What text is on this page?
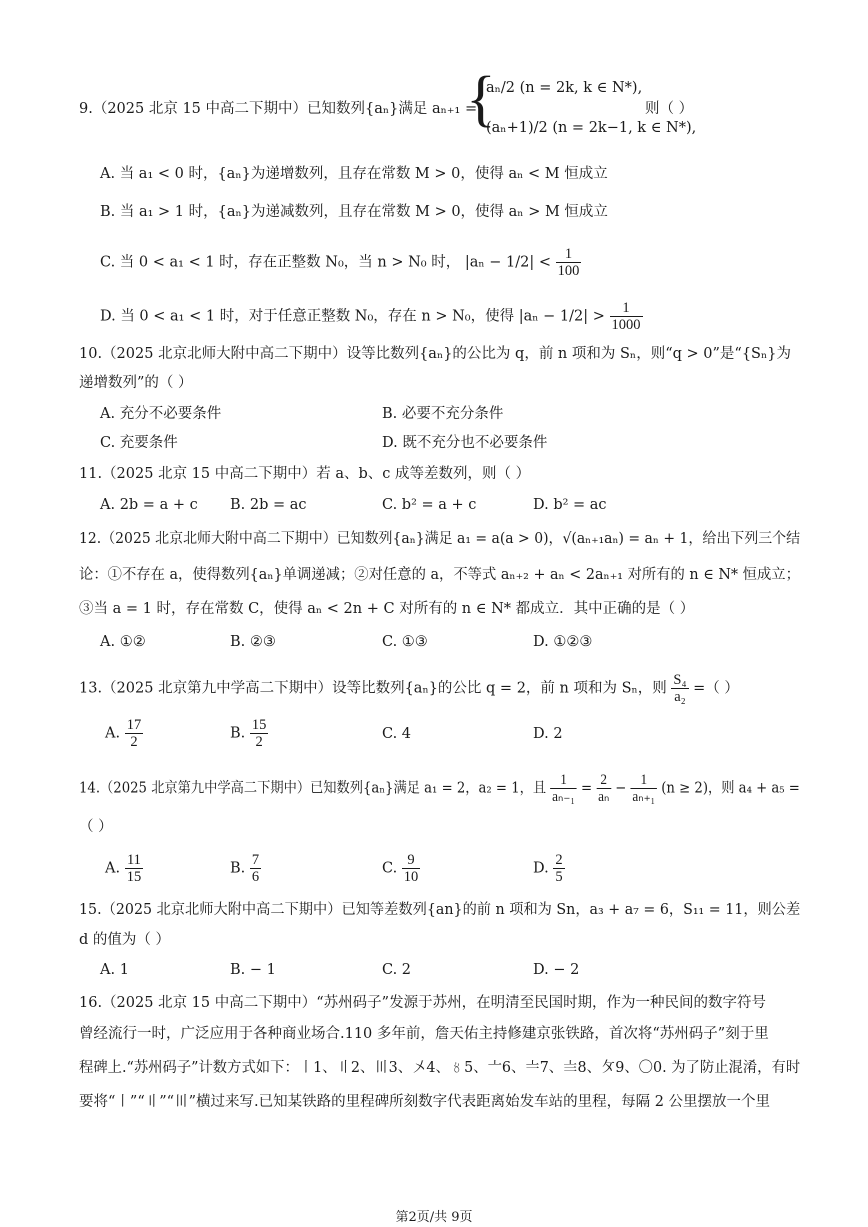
9.（2025 北京 15 中高二下期中）已知数列{aₙ}满足 aₙ₊₁ =
{
aₙ/2 (n = 2k, k ∈ N*),
(aₙ+1)/2 (n = 2k−1, k ∈ N*),
则（ ）
A. 当 a₁ < 0 时，{aₙ}为递增数列，且存在常数 M > 0，使得 aₙ < M 恒成立
B. 当 a₁ > 1 时，{aₙ}为递减数列，且存在常数 M > 0，使得 aₙ > M 恒成立
C. 当 0 < a₁ < 1 时，存在正整数 N₀，当 n > N₀ 时， $|a_n - 1/2| < \frac{1}{100}$
D. 当 0 < a₁ < 1 时，对于任意正整数 N₀，存在 n > N₀，使得 $|a_n - 1/2| > \frac{1}{1000}$
10.（2025 北京北师大附中高二下期中）设等比数列{aₙ}的公比为 q，前 n 项和为 Sₙ，则“q > 0”是“{Sₙ}为
递增数列”的（ ）
A. 充分不必要条件	B. 必要不充分条件
C. 充要条件	D. 既不充分也不必要条件
11.（2025 北京 15 中高二下期中）若 a、b、c 成等差数列，则（ ）
A. 2b = a + c B. 2b = ac	C. b² = a + c	D. b² = ac
12.（2025 北京北师大附中高二下期中）已知数列{aₙ}满足 a₁ = a(a > 0)，√(aₙ₊₁aₙ) = aₙ + 1，给出下列三个结
论：①不存在 a，使得数列{aₙ}单调递减；②对任意的 a，不等式 aₙ₊₂ + aₙ < 2aₙ₊₁ 对所有的 n ∈ N* 恒成立；
③当 a = 1 时，存在常数 C，使得 aₙ < 2n + C 对所有的 n ∈ N* 都成立．其中正确的是（ ）
A. ①②	B. ②③	C. ①③	D. ①②③
13.（2025 北京第九中学高二下期中）设等比数列{aₙ}的公比 q = 2，前 n 项和为 Sₙ，则 $\frac{\text{S₄}}{\text{a₂}}$ =（ ）
A. $\frac{17}{2}$	B. $\frac{15}{2}$	C. 4	D. 2
14.（2025 北京第九中学高二下期中）已知数列{aₙ}满足 a₁ = 2，a₂ = 1，且 $\frac{1}{\text{aₙ₋₁}} = \frac{2}{\text{aₙ}} - \frac{1}{\text{aₙ₊₁}} (n \ge 2)$，则 a₄ + a₅ =
（ ）
A. $\frac{11}{15}$	B. $\frac{7}{6}$	C. $\frac{9}{10}$	D. $\frac{2}{5}$
15.（2025 北京北师大附中高二下期中）已知等差数列{an}的前 n 项和为 Sn，a₃ + a₇ = 6，S₁₁ = 11，则公差
d 的值为（ ）
A. 1	B. − 1	C. 2	D. − 2
16.（2025 北京 15 中高二下期中）“苏州码子”发源于苏州，在明清至民国时期，作为一种民间的数字符号
曾经流行一时，广泛应用于各种商业场合.110 多年前，詹天佑主持修建京张铁路，首次将“苏州码子”刻于里
程碑上.“苏州码子”计数方式如下：〡1、〢2、〣3、〤4、〥5、〦6、〧7、〨8、〩9、〇0. 为了防止混淆，有时
要将“〡”“〢”“〣”横过来写.已知某铁路的里程碑所刻数字代表距离始发车站的里程，每隔 2 公里摆放一个里
第2页/共 9页
